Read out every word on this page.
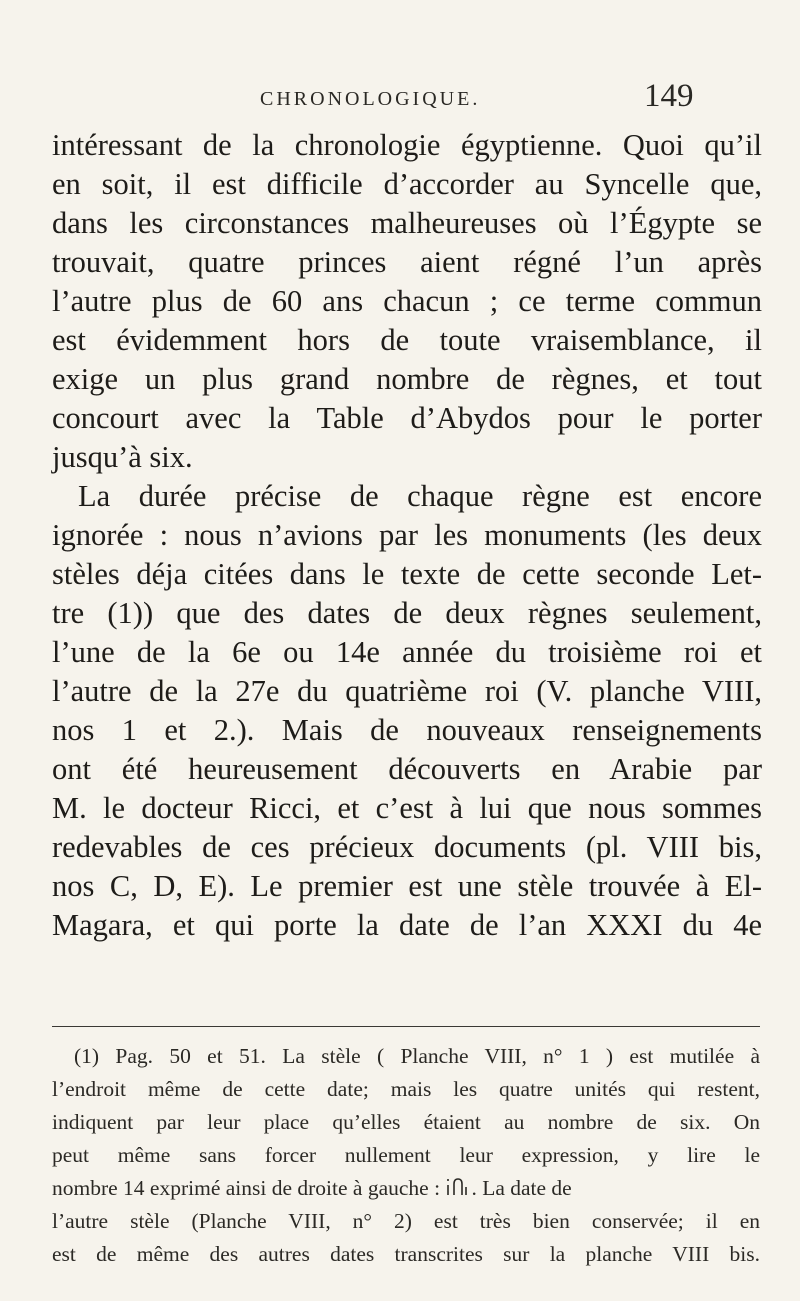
CHRONOLOGIQUE.	149
intéressant de la chronologie égyptienne. Quoi qu’il
en soit, il est difficile d’accorder au Syncelle que,
dans les circonstances malheureuses où l’Égypte se
trouvait, quatre princes aient régné l’un après
l’autre plus de 60 ans chacun ; ce terme commun
est évidemment hors de toute vraisemblance, il
exige un plus grand nombre de règnes, et tout
concourt avec la Table d’Abydos pour le porter
jusqu’à six.
La durée précise de chaque règne est encore
ignorée : nous n’avions par les monuments (les deux
stèles déja citées dans le texte de cette seconde Let-
tre (1)) que des dates de deux règnes seulement,
l’une de la 6e ou 14e année du troisième roi et
l’autre de la 27e du quatrième roi (V. planche VIII,
nos 1 et 2.). Mais de nouveaux renseignements
ont été heureusement découverts en Arabie par
M. le docteur Ricci, et c’est à lui que nous sommes
redevables de ces précieux documents (pl. VIII bis,
nos C, D, E). Le premier est une stèle trouvée à El-
Magara, et qui porte la date de l’an XXXI du 4e
(1) Pag. 50 et 51. La stèle ( Planche VIII, n° 1 ) est mutilée à
l’endroit même de cette date; mais les quatre unités qui restent,
indiquent par leur place qu’elles étaient au nombre de six. On
peut même sans forcer nullement leur expression, y lire le
nombre 14 exprimé ainsi de droite à gauche : . La date de
l’autre stèle (Planche VIII, n° 2) est très bien conservée; il en
est de même des autres dates transcrites sur la planche VIII bis.
